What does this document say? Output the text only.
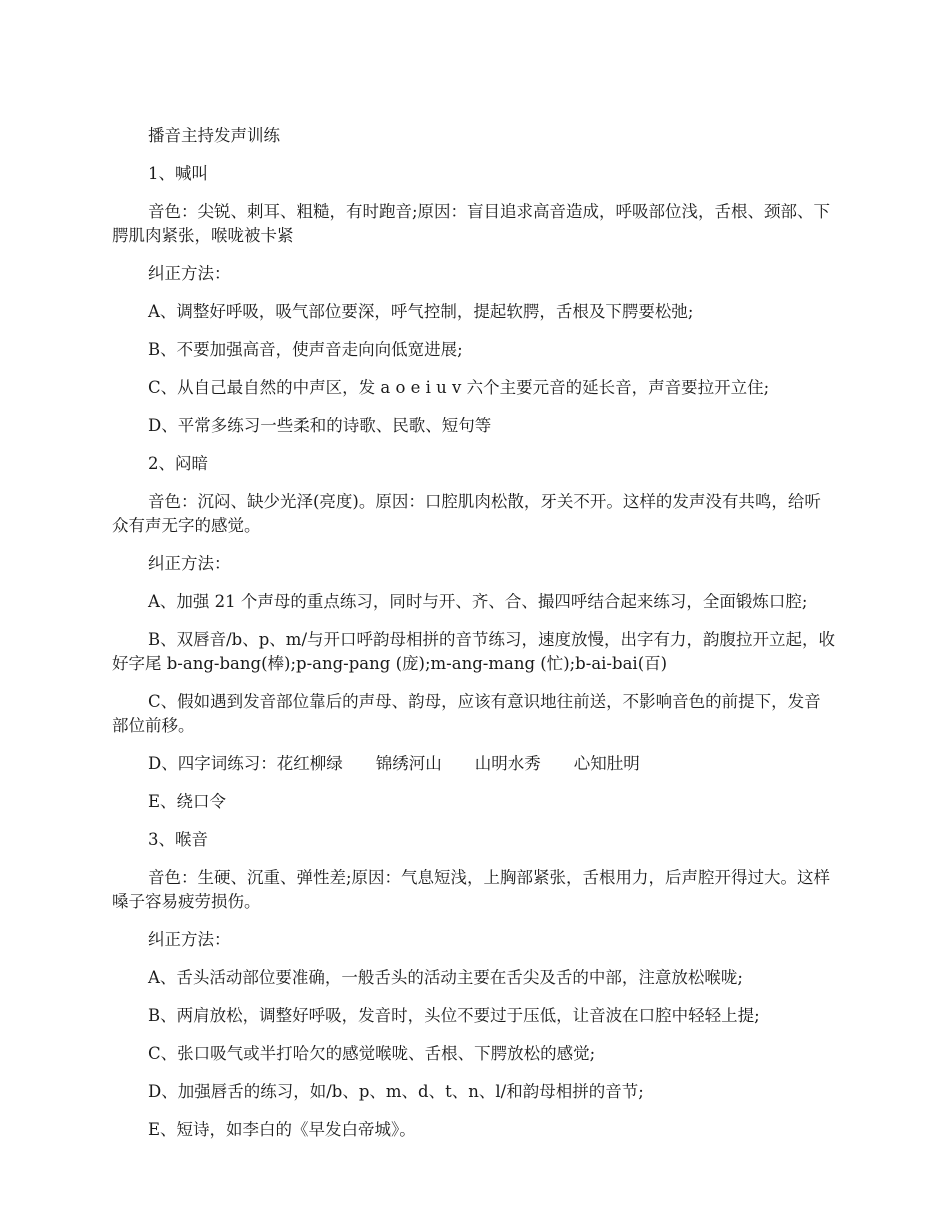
播音主持发声训练

1、喊叫

音色：尖锐、刺耳、粗糙，有时跑音;原因：盲目追求高音造成，呼吸部位浅，舌根、颈部、下腭肌肉紧张，喉咙被卡紧

纠正方法：

A、调整好呼吸，吸气部位要深，呼气控制，提起软腭，舌根及下腭要松弛;

B、不要加强高音，使声音走向向低宽进展;

C、从自己最自然的中声区，发 a o e i u v 六个主要元音的延长音，声音要拉开立住;

D、平常多练习一些柔和的诗歌、民歌、短句等

2、闷暗

音色：沉闷、缺少光泽(亮度)。原因：口腔肌肉松散，牙关不开。这样的发声没有共鸣，给听众有声无字的感觉。

纠正方法：

A、加强 21 个声母的重点练习，同时与开、齐、合、撮四呼结合起来练习，全面锻炼口腔;

B、双唇音/b、p、m/与开口呼韵母相拼的音节练习，速度放慢，出字有力，韵腹拉开立起，收好字尾 b-ang-bang(棒);p-ang-pang (庞);m-ang-mang (忙);b-ai-bai(百)

C、假如遇到发音部位靠后的声母、韵母，应该有意识地往前送，不影响音色的前提下，发音部位前移。

D、四字词练习：花红柳绿　　锦绣河山　　山明水秀　　心知肚明

E、绕口令

3、喉音

音色：生硬、沉重、弹性差;原因：气息短浅，上胸部紧张，舌根用力，后声腔开得过大。这样嗓子容易疲劳损伤。

纠正方法：

A、舌头活动部位要准确，一般舌头的活动主要在舌尖及舌的中部，注意放松喉咙;

B、两肩放松，调整好呼吸，发音时，头位不要过于压低，让音波在口腔中轻轻上提;

C、张口吸气或半打哈欠的感觉喉咙、舌根、下腭放松的感觉;

D、加强唇舌的练习，如/b、p、m、d、t、n、l/和韵母相拼的音节;

E、短诗，如李白的《早发白帝城》。
